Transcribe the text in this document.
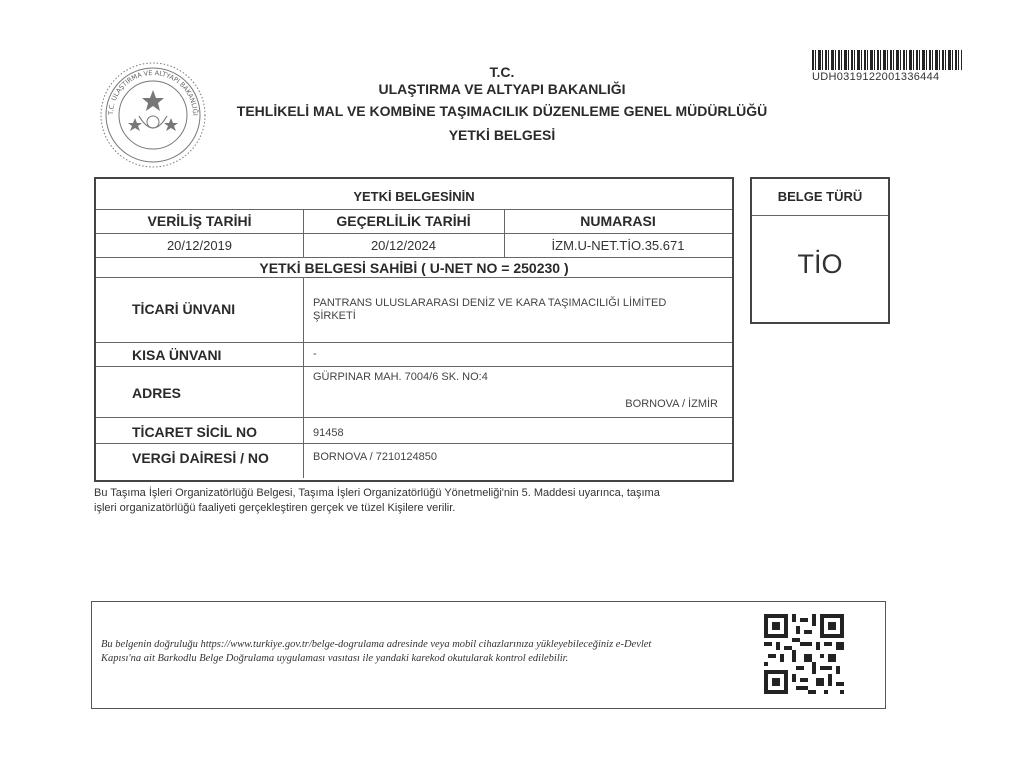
T.C. ULAŞTIRMA VE ALTYAPI BAKANLIĞI
T.C.
ULAŞTIRMA VE ALTYAPI BAKANLIĞI
TEHLİKELİ MAL VE KOMBİNE TAŞIMACILIK DÜZENLEME GENEL MÜDÜRLÜĞÜ
YETKİ BELGESİ
UDH0319122001336444
YETKİ BELGESİNİN
VERİLİŞ TARİHİ	GEÇERLİLİK TARİHİ	NUMARASI
20/12/2019	20/12/2024	İZM.U-NET.TİO.35.671
YETKİ BELGESİ SAHİBİ ( U-NET NO = 250230 )
TİCARİ ÜNVANI	PANTRANS ULUSLARARASI DENİZ VE KARA TAŞIMACILIĞI LİMİTED
ŞİRKETİ
KISA ÜNVANI	-
ADRES
GÜRPINAR MAH. 7004/6 SK. NO:4
BORNOVA / İZMİR
TİCARET SİCİL NO	91458
VERGİ DAİRESİ / NO	BORNOVA / 7210124850
BELGE TÜRÜ
TİO
Bu Taşıma İşleri Organizatörlüğü Belgesi, Taşıma İşleri Organizatörlüğü Yönetmeliği'nin 5. Maddesi uyarınca, taşıma
işleri organizatörlüğü faaliyeti gerçekleştiren gerçek ve tüzel Kişilere verilir.
Bu belgenin doğruluğu https://www.turkiye.gov.tr/belge-dogrulama adresinde veya mobil cihazlarınıza yükleyebileceğiniz e-Devlet
Kapısı'na ait Barkodlu Belge Doğrulama uygulaması vasıtası ile yandaki karekod okutularak kontrol edilebilir.
